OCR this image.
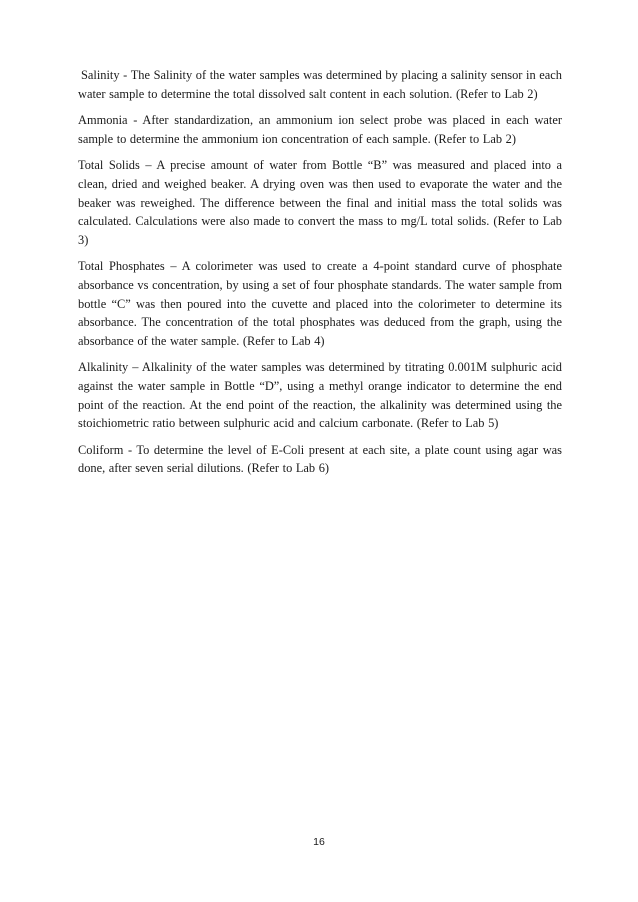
Salinity - The Salinity of the water samples was determined by placing a salinity sensor in each water sample to determine the total dissolved salt content in each solution. (Refer to Lab 2)

Ammonia - After standardization, an ammonium ion select probe was placed in each water sample to determine the ammonium ion concentration of each sample. (Refer to Lab 2)

Total Solids – A precise amount of water from Bottle “B” was measured and placed into a clean, dried and weighed beaker. A drying oven was then used to evaporate the water and the beaker was reweighed. The difference between the final and initial mass the total solids was calculated. Calculations were also made to convert the mass to mg/L total solids. (Refer to Lab 3)

Total Phosphates – A colorimeter was used to create a 4-point standard curve of phosphate absorbance vs concentration, by using a set of four phosphate standards. The water sample from bottle “C” was then poured into the cuvette and placed into the colorimeter to determine its absorbance. The concentration of the total phosphates was deduced from the graph, using the absorbance of the water sample. (Refer to Lab 4)

Alkalinity – Alkalinity of the water samples was determined by titrating 0.001M sulphuric acid against the water sample in Bottle “D”, using a methyl orange indicator to determine the end point of the reaction. At the end point of the reaction, the alkalinity was determined using the stoichiometric ratio between sulphuric acid and calcium carbonate. (Refer to Lab 5)

Coliform - To determine the level of E-Coli present at each site, a plate count using agar was done, after seven serial dilutions. (Refer to Lab 6)

16
